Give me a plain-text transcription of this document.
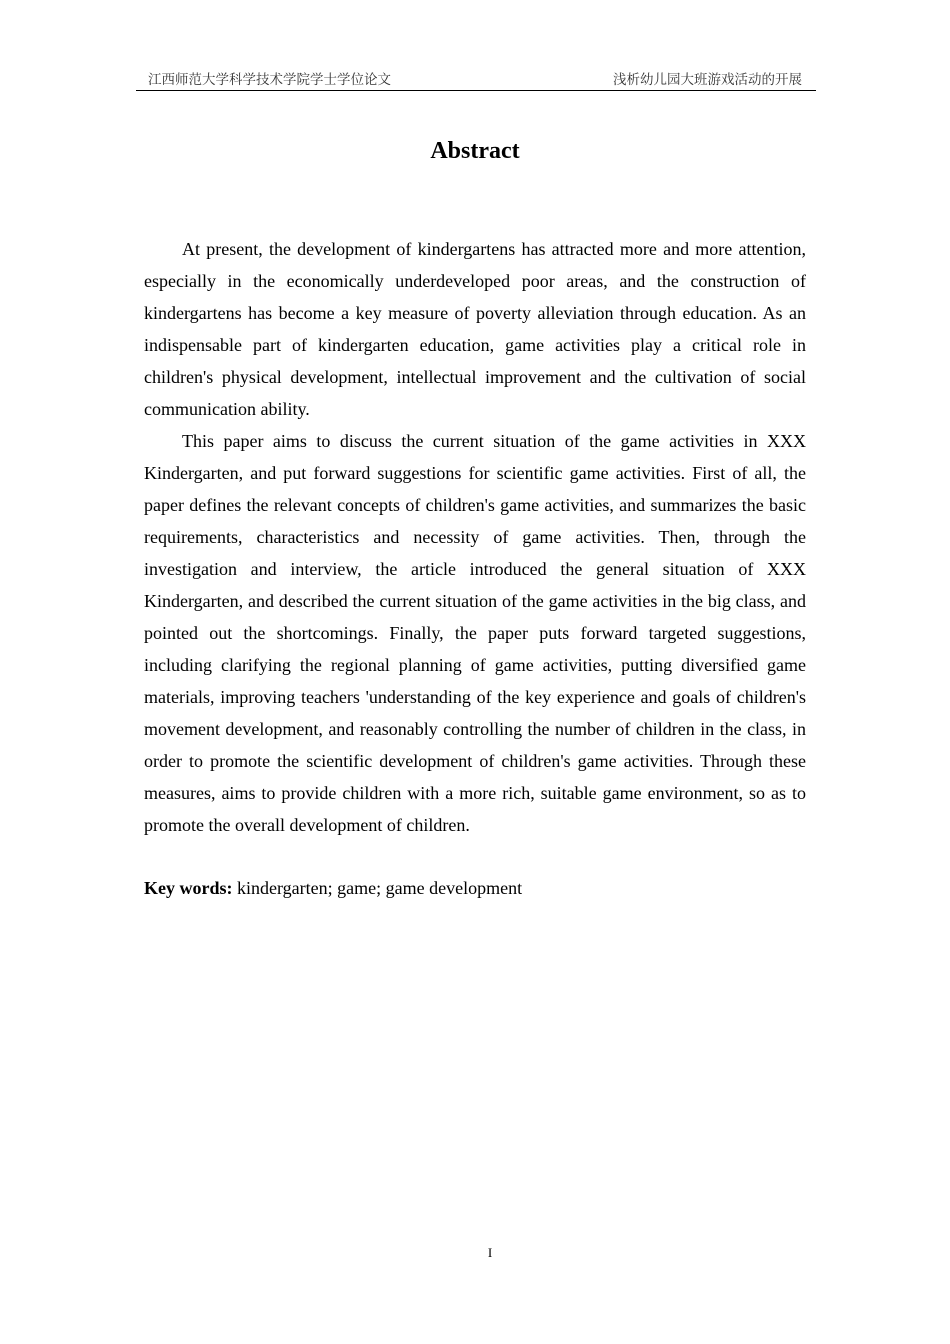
江西师范大学科学技术学院学士学位论文	浅析幼儿园大班游戏活动的开展
Abstract

At present, the development of kindergartens has attracted more and more attention, especially in the economically underdeveloped poor areas, and the construction of kindergartens has become a key measure of poverty alleviation through education. As an indispensable part of kindergarten education, game activities play a critical role in children's physical development, intellectual improvement and the cultivation of social communication ability.

This paper aims to discuss the current situation of the game activities in XXX Kindergarten, and put forward suggestions for scientific game activities. First of all, the paper defines the relevant concepts of children's game activities, and summarizes the basic requirements, characteristics and necessity of game activities. Then, through the investigation and interview, the article introduced the general situation of XXX Kindergarten, and described the current situation of the game activities in the big class, and pointed out the shortcomings. Finally, the paper puts forward targeted suggestions, including clarifying the regional planning of game activities, putting diversified game materials, improving teachers 'understanding of the key experience and goals of children's movement development, and reasonably controlling the number of children in the class, in order to promote the scientific development of children's game activities. Through these measures, aims to provide children with a more rich, suitable game environment, so as to promote the overall development of children.

Key words: kindergarten; game; game development
I
